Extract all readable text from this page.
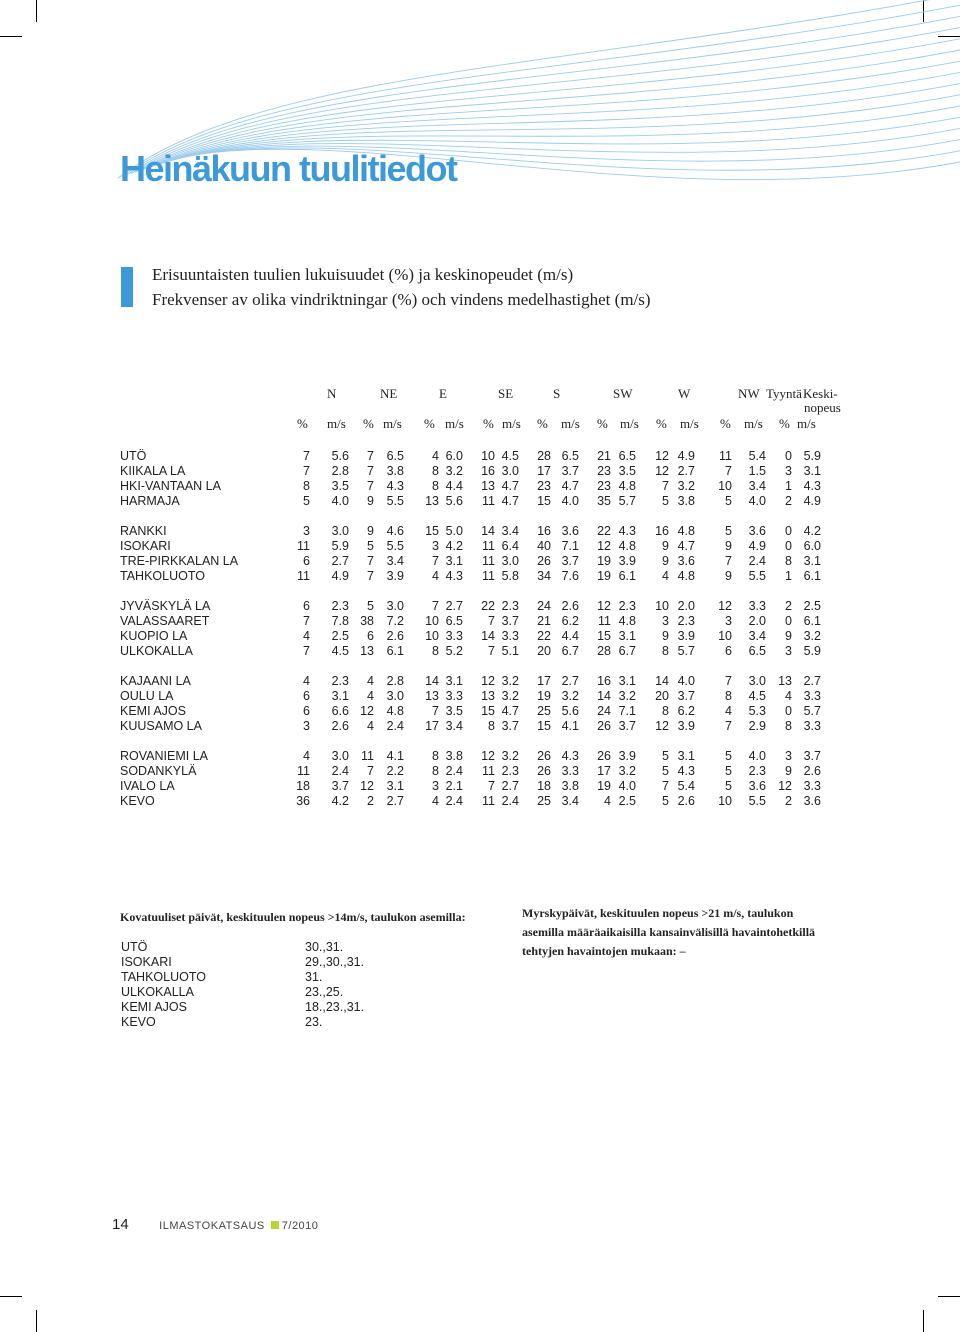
Heinäkuun tuulitiedot
Erisuuntaisten tuulien lukuisuudet (%) ja keskinopeudet (m/s)
Frekvenser av olika vindriktningar (%) och vindens medelhastighet (m/s)
N	NE	E	SE	S	SW	W	NW Tyyntä Keski-
nopeus
% m/s % m/s % m/s % m/s % m/s % m/s % m/s % m/s % m/s
UTÖ	7	5.6	7	6.5	4 6.0	10 4.5	28 6.5	21 6.5	12 4.9	11	5.4	0 5.9
KIIKALA LA	7	2.8	7	3.8	8 3.2	16 3.0	17 3.7	23 3.5	12 2.7	7	1.5	3 3.1
HKI-VANTAAN LA	8	3.5	7	4.3	8 4.4	13 4.7	23 4.7	23 4.8	7 3.2	10	3.4	1 4.3
HARMAJA	5	4.0	9	5.5	13 5.6	11 4.7	15 4.0	35 5.7	5 3.8	5	4.0	2 4.9
RANKKI	3	3.0	9	4.6	15 5.0	14 3.4	16 3.6	22 4.3	16 4.8	5	3.6	0 4.2
ISOKARI	11	5.9	5	5.5	3 4.2	11 6.4	40 7.1	12 4.8	9 4.7	9	4.9	0 6.0
TRE-PIRKKALAN LA	6	2.7	7	3.4	7 3.1	11 3.0	26 3.7	19 3.9	9 3.6	7	2.4	8 3.1
TAHKOLUOTO	11	4.9	7	3.9	4 4.3	11 5.8	34 7.6	19 6.1	4 4.8	9	5.5	1 6.1
JYVÄSKYLÄ LA	6	2.3	5	3.0	7 2.7	22 2.3	24 2.6	12 2.3	10 2.0	12	3.3	2 2.5
VALASSAARET	7	7.8 38	7.2	10 6.5	7 3.7	21 6.2	11 4.8	3 2.3	3	2.0	0 6.1
KUOPIO LA	4	2.5	6	2.6	10 3.3	14 3.3	22 4.4	15 3.1	9 3.9	10	3.4	9 3.2
ULKOKALLA	7	4.5 13	6.1	8 5.2	7 5.1	20 6.7	28 6.7	8 5.7	6	6.5	3 5.9
KAJAANI LA	4	2.3	4	2.8	14 3.1	12 3.2	17 2.7	16 3.1	14 4.0	7	3.0 13 2.7
OULU LA	6	3.1	4	3.0	13 3.3	13 3.2	19 3.2	14 3.2	20 3.7	8	4.5	4 3.3
KEMI AJOS	6	6.6 12	4.8	7 3.5	15 4.7	25 5.6	24 7.1	8 6.2	4	5.3	0 5.7
KUUSAMO LA	3	2.6	4	2.4	17 3.4	8 3.7	15 4.1	26 3.7	12 3.9	7	2.9	8 3.3
ROVANIEMI LA	4	3.0 11	4.1	8 3.8	12 3.2	26 4.3	26 3.9	5 3.1	5	4.0	3 3.7
SODANKYLÄ	11	2.4	7	2.2	8 2.4	11 2.3	26 3.3	17 3.2	5 4.3	5	2.3	9 2.6
IVALO LA	18	3.7 12	3.1	3 2.1	7 2.7	18 3.8	19 4.0	7 5.4	5	3.6 12 3.3
KEVO	36	4.2	2	2.7	4 2.4	11 2.4	25 3.4	4 2.5	5 2.6	10	5.5	2 3.6
Kovatuuliset päivät, keskituulen nopeus >14m/s, taulukon asemilla:
UTÖ	30.,31.
ISOKARI	29.,30.,31.
TAHKOLUOTO	31.
ULKOKALLA	23.,25.
KEMI AJOS	18.,23.,31.
KEVO	23.
Myrskypäivät, keskituulen nopeus >21 m/s, taulukon
asemilla määräaikaisilla kansainvälisillä havaintohetkillä
tehtyjen havaintojen mukaan: –
14	ILMASTOKATSAUS 7/2010
